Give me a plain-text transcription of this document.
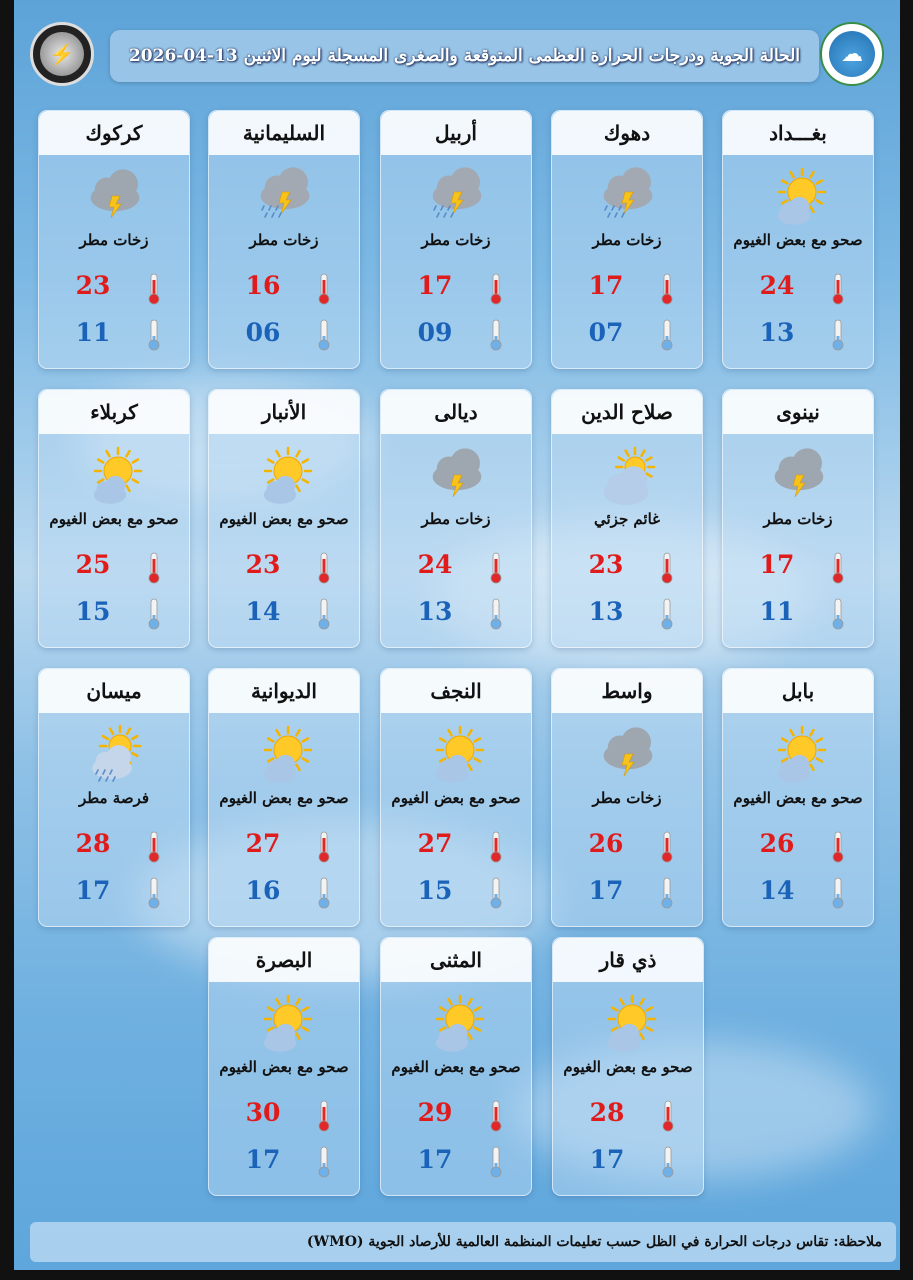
⚡	☁
الحالة الجوية ودرجات الحرارة العظمى المتوقعة والصغرى المسجلة ليوم الاثنين 13-04-2026
بغـــداد
صحو مع بعض الغيوم
24
13
دهوك
زخات مطر
17
07
أربيل
زخات مطر
17
09
السليمانية
زخات مطر
16
06
كركوك
زخات مطر
23
11
نينوى
زخات مطر
17
11
صلاح الدين
غائم جزئي
23
13
ديالى
زخات مطر
24
13
الأنبار
صحو مع بعض الغيوم
23
14
كربلاء
صحو مع بعض الغيوم
25
15
بابل
صحو مع بعض الغيوم
26
14
واسط
زخات مطر
26
17
النجف
صحو مع بعض الغيوم
27
15
الديوانية
صحو مع بعض الغيوم
27
16
ميسان
فرصة مطر
28
17
ذي قار
صحو مع بعض الغيوم
28
17
المثنى
صحو مع بعض الغيوم
29
17
البصرة
صحو مع بعض الغيوم
30
17
ملاحظة: تقاس درجات الحرارة في الظل حسب تعليمات المنظمة العالمية للأرصاد الجوية (WMO)
